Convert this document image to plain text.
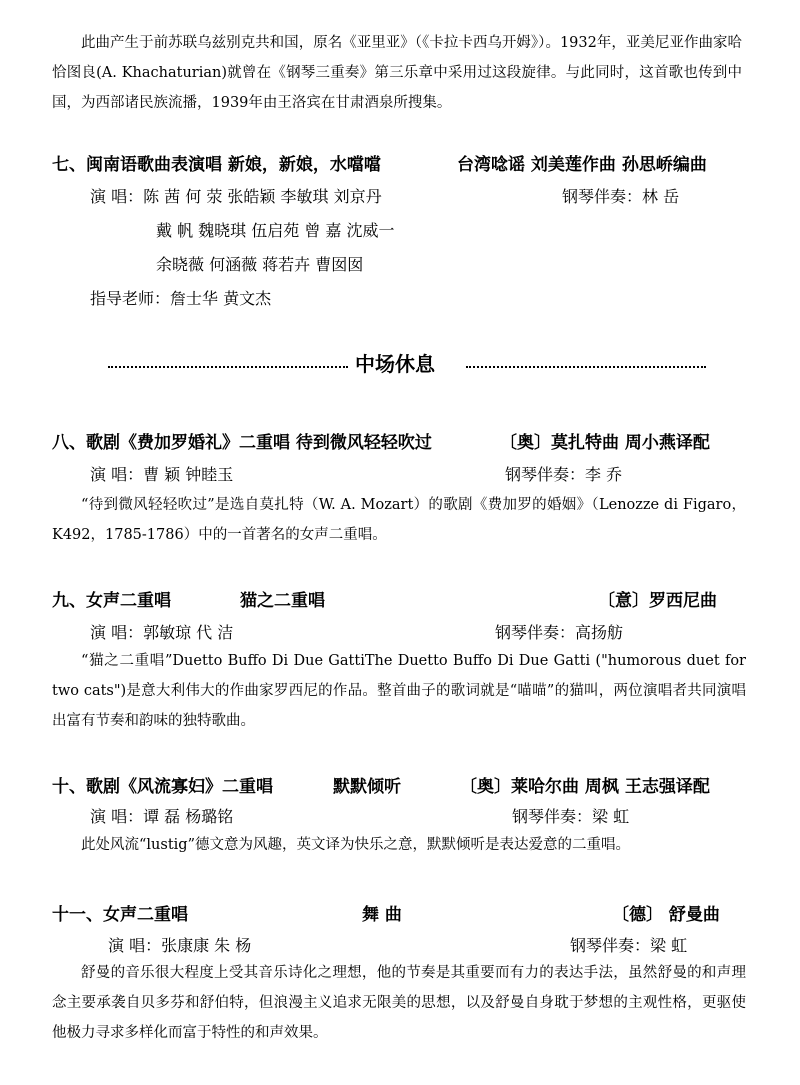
此曲产生于前苏联乌兹别克共和国，原名《亚里亚》（《卡拉卡西乌开姆》）。1932年，亚美尼亚作曲家哈恰图良(A. Khachaturian)就曾在《钢琴三重奏》第三乐章中采用过这段旋律。与此同时，这首歌也传到中国，为西部诸民族流播，1939年由王洛宾在甘肃酒泉所搜集。

七、闽南语歌曲表演唱 新娘，新娘，水噹噹	台湾唸谣 刘美莲作曲 孙思峤编曲
演 唱：陈 茜 何 荥 张皓颖 李敏琪 刘京丹	钢琴伴奏：林 岳
戴 帆 魏晓琪 伍启苑 曾 嘉 沈威一
余晓薇 何涵薇 蒋若卉 曹囡囡
指导老师：詹士华 黄文杰
中场休息
八、歌剧《费加罗婚礼》二重唱 待到微风轻轻吹过	〔奥〕莫扎特曲 周小燕译配
演 唱：曹 颖 钟睦玉	钢琴伴奏：李 乔

“待到微风轻轻吹过”是选自莫扎特（W. A. Mozart）的歌剧《费加罗的婚姻》（Lenozze di Figaro，K492，1785-1786）中的一首著名的女声二重唱。

九、女声二重唱	猫之二重唱	〔意〕罗西尼曲
演 唱：郭敏琼 代 洁	钢琴伴奏：高扬舫

“猫之二重唱”Duetto Buffo Di Due GattiThe Duetto Buffo Di Due Gatti ("humorous duet for two cats")是意大利伟大的作曲家罗西尼的作品。整首曲子的歌词就是“喵喵”的猫叫，两位演唱者共同演唱出富有节奏和韵味的独特歌曲。

十、歌剧《风流寡妇》二重唱	默默倾听	〔奥〕莱哈尔曲 周枫 王志强译配
演 唱：谭 磊 杨璐铭	钢琴伴奏：梁 虹

此处风流“lustig”德文意为风趣，英文译为快乐之意，默默倾听是表达爱意的二重唱。

十一、女声二重唱	舞 曲	〔德〕 舒曼曲
演 唱：张康康 朱 杨	钢琴伴奏：梁 虹

舒曼的音乐很大程度上受其音乐诗化之理想，他的节奏是其重要而有力的表达手法，虽然舒曼的和声理念主要承袭自贝多芬和舒伯特，但浪漫主义追求无限美的思想，以及舒曼自身耽于梦想的主观性格，更驱使他极力寻求多样化而富于特性的和声效果。
